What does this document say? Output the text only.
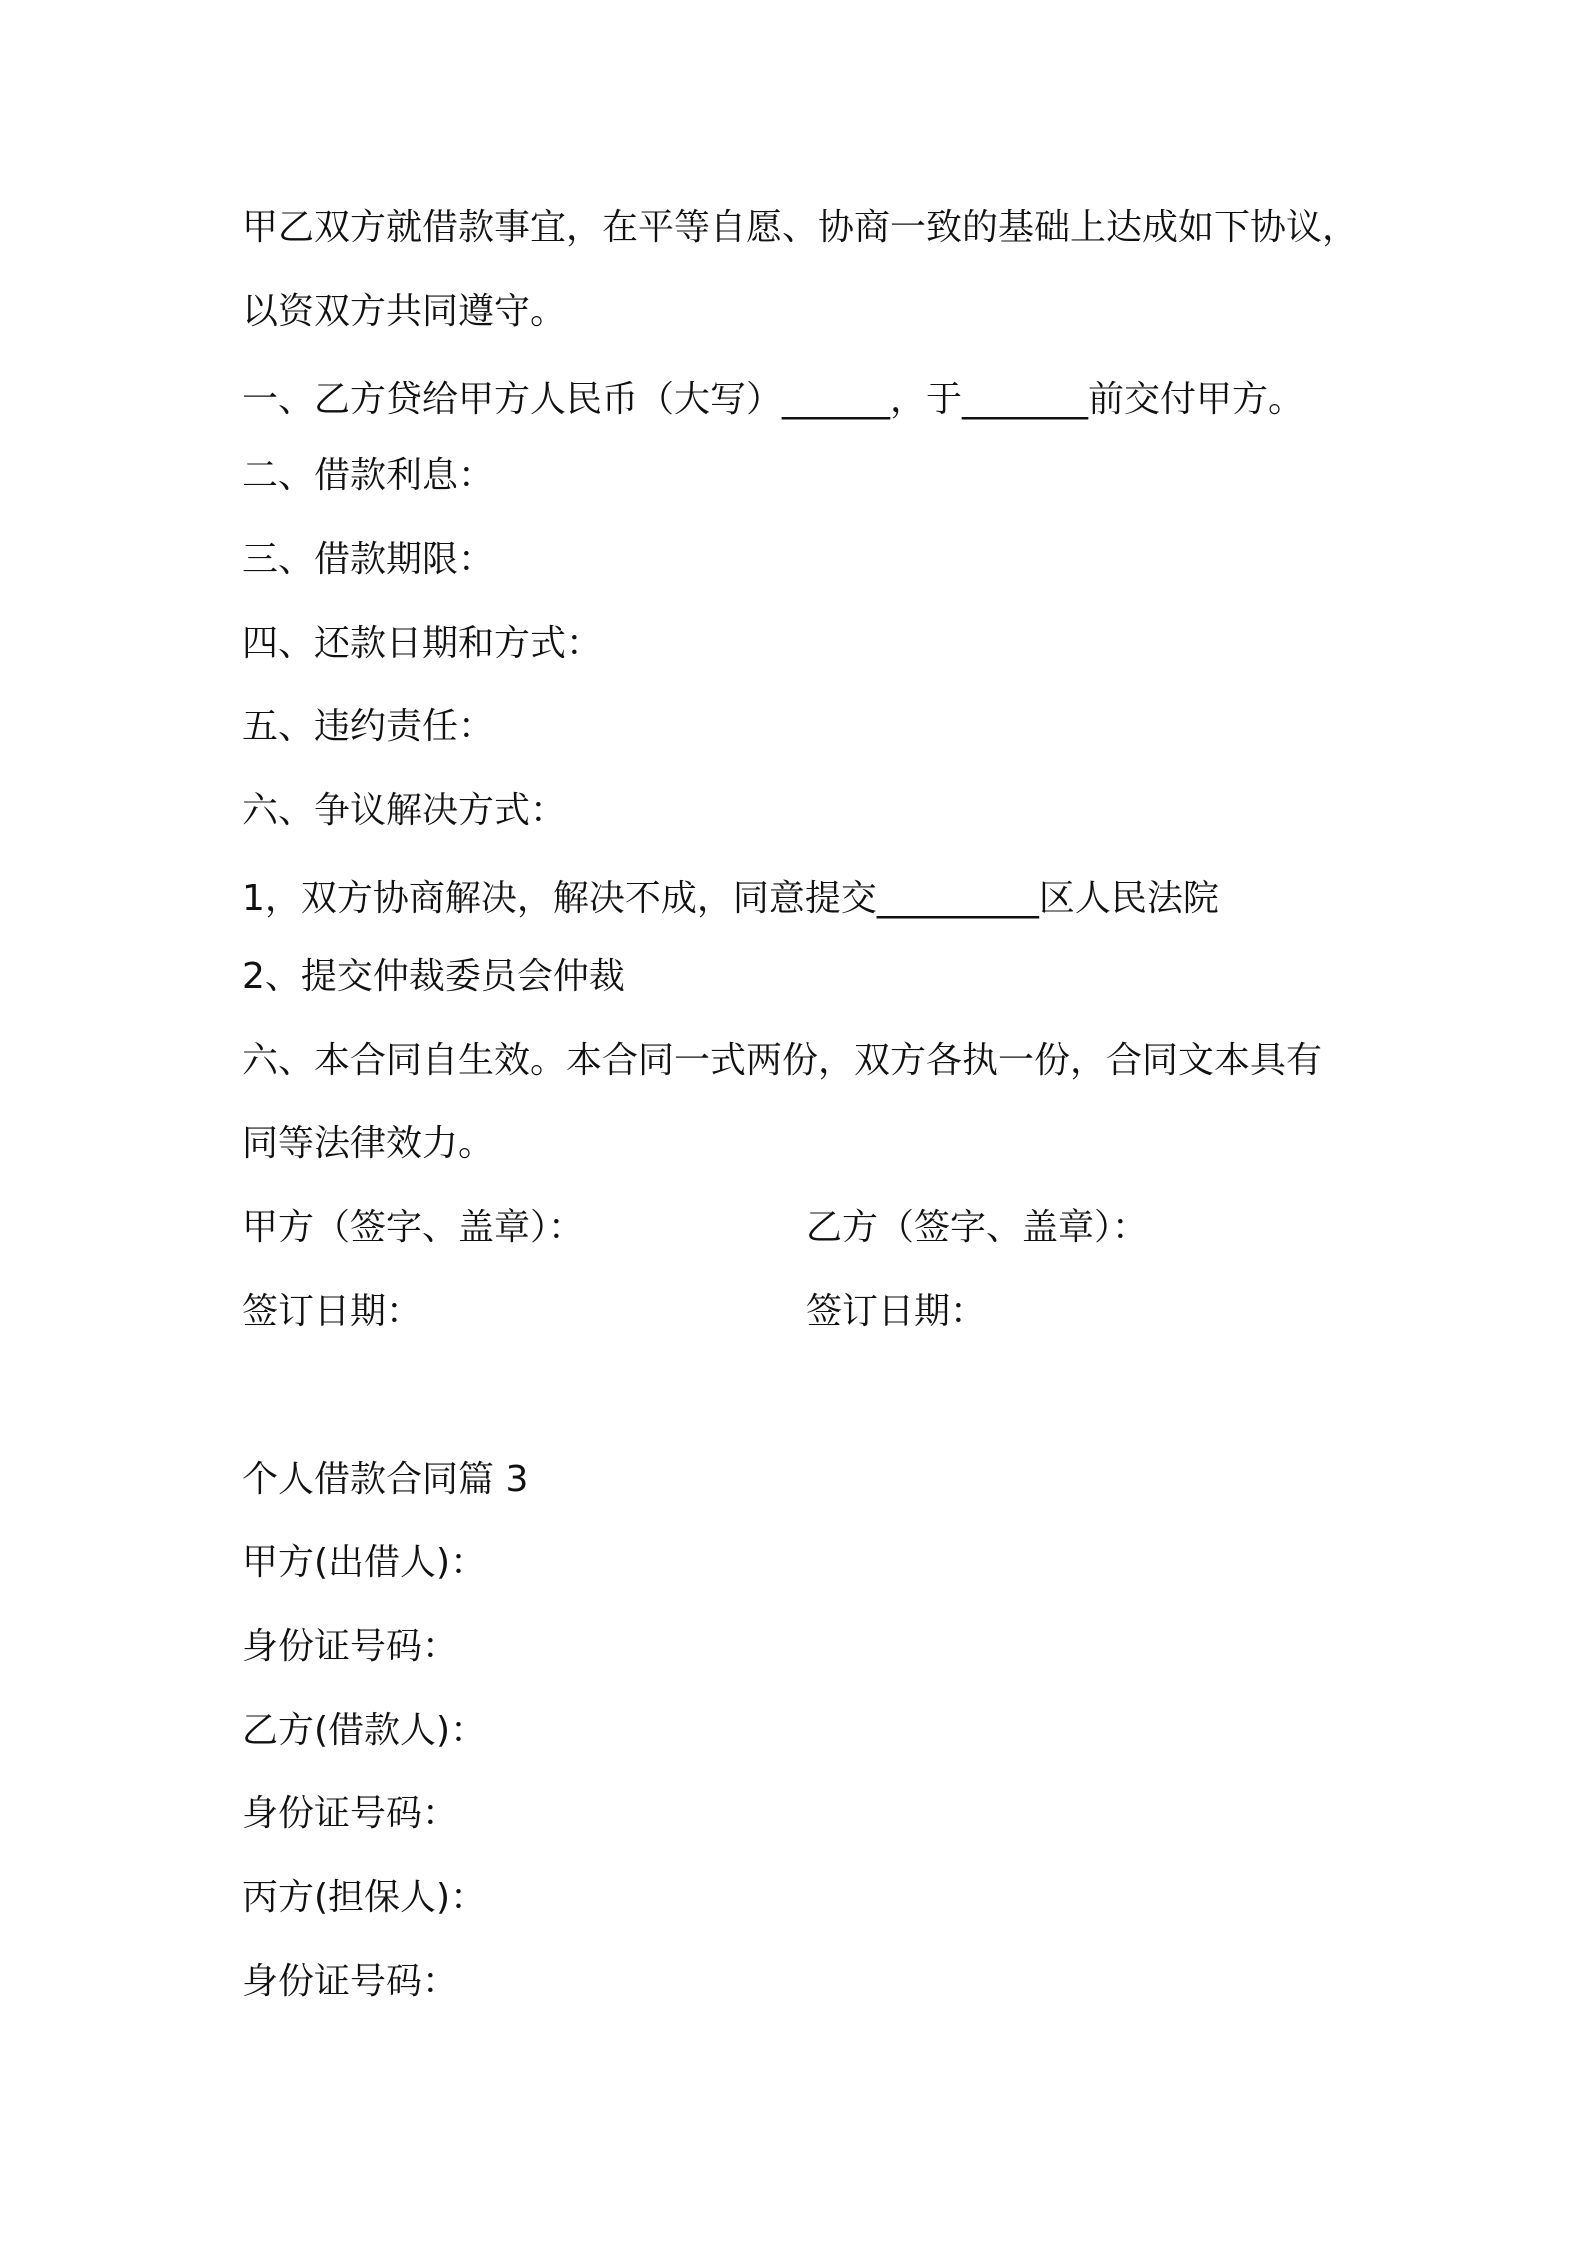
甲乙双方就借款事宜，在平等自愿、协商一致的基础上达成如下协议，
以资双方共同遵守。
一、乙方贷给甲方人民币（大写）______，于_______前交付甲方。
二、借款利息：
三、借款期限：
四、还款日期和方式：
五、违约责任：
六、争议解决方式：
1，双方协商解决，解决不成，同意提交_________区人民法院
2、提交仲裁委员会仲裁
六、本合同自生效。本合同一式两份，双方各执一份，合同文本具有
同等法律效力。
甲方（签字、盖章）：	乙方（签字、盖章）：
签订日期：	签订日期：
个人借款合同篇 3
甲方(出借人)：
身份证号码：
乙方(借款人)：
身份证号码：
丙方(担保人)：
身份证号码：
